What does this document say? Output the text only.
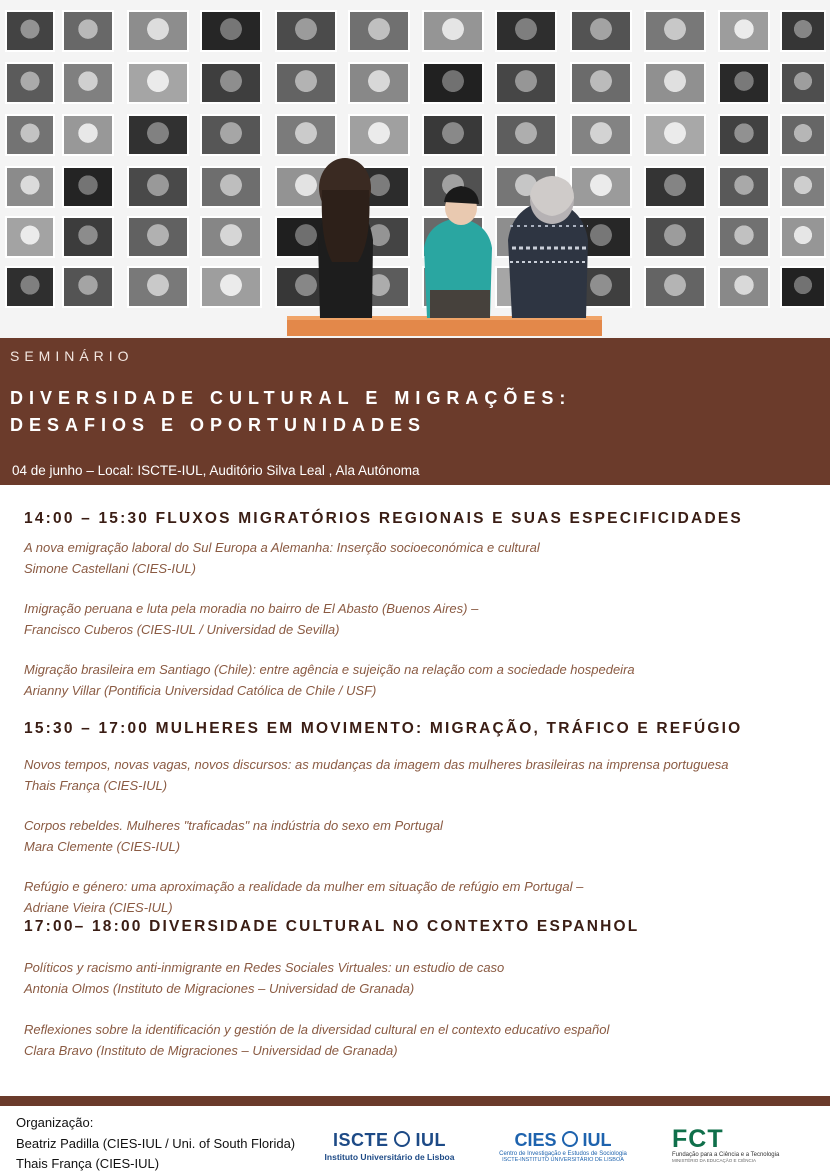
SEMINÁRIO
DIVERSIDADE CULTURAL E MIGRAÇÕES:
DESAFIOS E OPORTUNIDADES
04 de junho – Local: ISCTE-IUL, Auditório Silva Leal , Ala Autónoma
14:00 – 15:30 FLUXOS MIGRATÓRIOS REGIONAIS E SUAS ESPECIFICIDADES
A nova emigração laboral do Sul Europa a Alemanha: Inserção socioeconómica e cultural
Simone Castellani (CIES-IUL)
Imigração peruana e luta pela moradia no bairro de El Abasto (Buenos Aires) –
Francisco Cuberos (CIES-IUL / Universidad de Sevilla)
Migração brasileira em Santiago (Chile): entre agência e sujeição na relação com a sociedade hospedeira
Arianny Villar (Pontificia Universidad Católica de Chile / USF)
15:30 – 17:00 MULHERES EM MOVIMENTO: MIGRAÇÃO, TRÁFICO E REFÚGIO
Novos tempos, novas vagas, novos discursos: as mudanças da imagem das mulheres brasileiras na imprensa portuguesa
Thais França (CIES-IUL)
Corpos rebeldes. Mulheres "traficadas" na indústria do sexo em Portugal
Mara Clemente (CIES-IUL)
Refúgio e género: uma aproximação a realidade da mulher em situação de refúgio em Portugal –
Adriane Vieira (CIES-IUL)
17:00– 18:00 DIVERSIDADE CULTURAL NO CONTEXTO ESPANHOL
Políticos y racismo anti-inmigrante en Redes Sociales Virtuales: un estudio de caso
Antonia Olmos (Instituto de Migraciones – Universidad de Granada)
Reflexiones sobre la identificación y gestión de la diversidad cultural en el contexto educativo español
Clara Bravo (Instituto de Migraciones – Universidad de Granada)
Organização:
Beatriz Padilla (CIES-IUL / Uni. of South Florida)
Thais França (CIES-IUL)
ISCTE IUL
Instituto Universitário de Lisboa
CIES IUL
Centro de Investigação e Estudos de Sociologia
ISCTE-INSTITUTO UNIVERSITÁRIO DE LISBOA
FCT
Fundação para a Ciência e a Tecnologia
MINISTÉRIO DA EDUCAÇÃO E CIÊNCIA
